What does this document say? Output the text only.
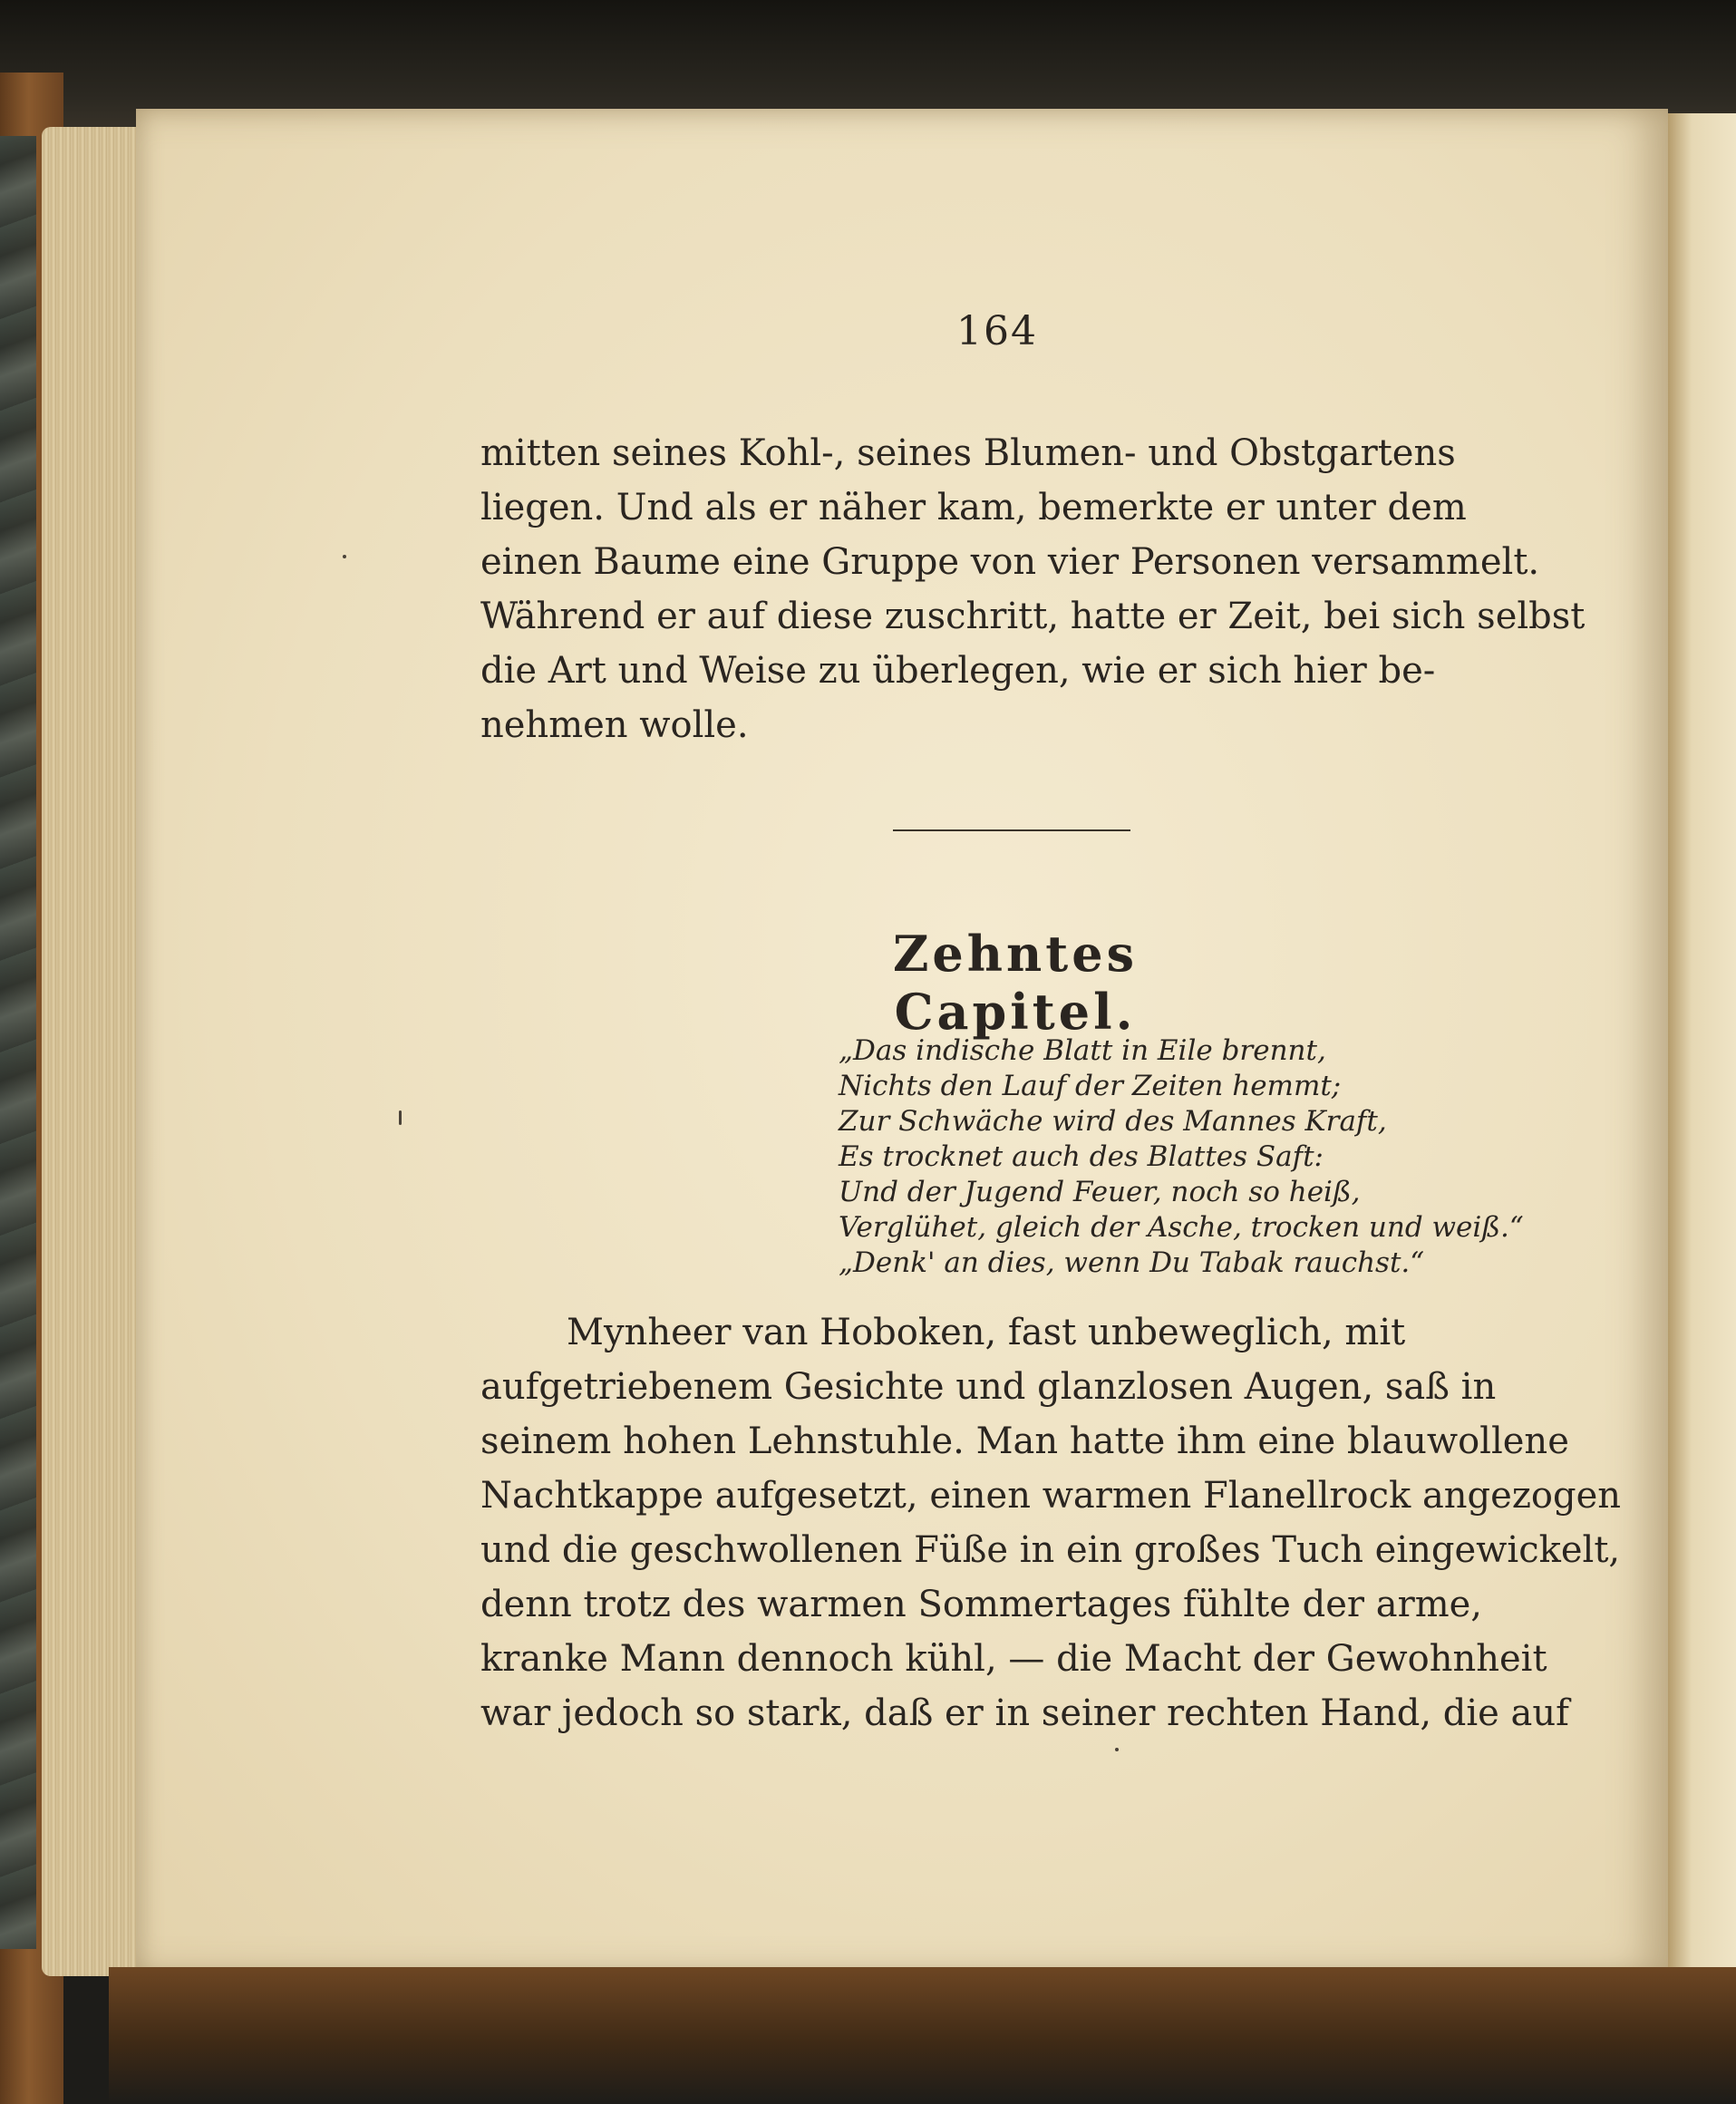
164
mitten seines Kohl-, seines Blumen- und Obstgartens
liegen. Und als er näher kam, bemerkte er unter dem
einen Baume eine Gruppe von vier Personen versammelt.
Während er auf diese zuschritt, hatte er Zeit, bei sich selbst
die Art und Weise zu überlegen, wie er sich hier be-
nehmen wolle.
Zehntes Capitel.
„Das indische Blatt in Eile brennt,
Nichts den Lauf der Zeiten hemmt;
Zur Schwäche wird des Mannes Kraft,
Es trocknet auch des Blattes Saft:
Und der Jugend Feuer, noch so heiß,
Verglühet, gleich der Asche, trocken und weiß.“
„Denk' an dies, wenn Du Tabak rauchst.“
Mynheer van Hoboken, fast unbeweglich, mit
aufgetriebenem Gesichte und glanzlosen Augen, saß in
seinem hohen Lehnstuhle. Man hatte ihm eine blauwollene
Nachtkappe aufgesetzt, einen warmen Flanellrock angezogen
und die geschwollenen Füße in ein großes Tuch eingewickelt,
denn trotz des warmen Sommertages fühlte der arme,
kranke Mann dennoch kühl, — die Macht der Gewohnheit
war jedoch so stark, daß er in seiner rechten Hand, die auf
